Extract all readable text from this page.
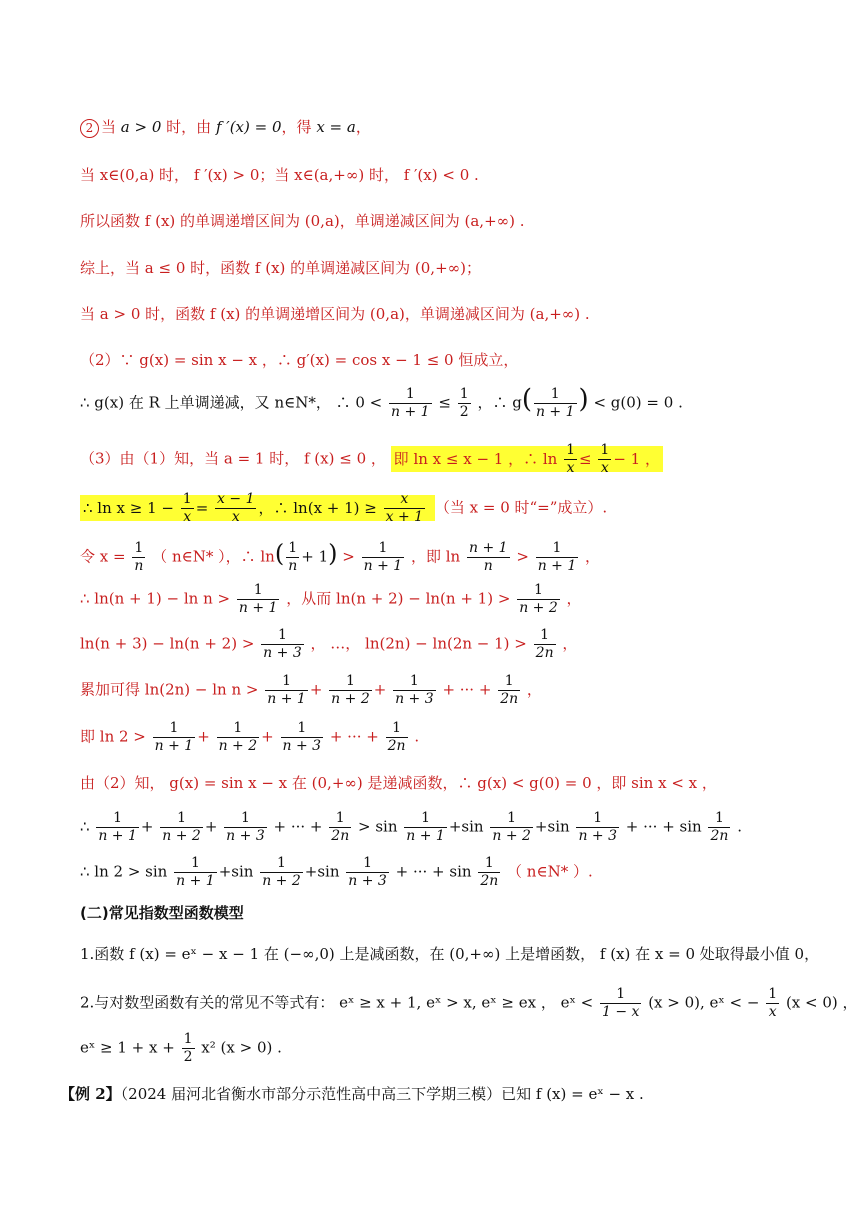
2 当 a > 0 时，由 f ′(x) = 0，得 x = a，
当 x∈(0,a) 时， f ′(x) > 0；当 x∈(a,+∞) 时， f ′(x) < 0 .
所以函数 f (x) 的单调递增区间为 (0,a)，单调递减区间为 (a,+∞) .
综上，当 a ≤ 0 时，函数 f (x) 的单调递减区间为 (0,+∞)；
当 a > 0 时，函数 f (x) 的单调递增区间为 (0,a)，单调递减区间为 (a,+∞) .
（2）∵ g(x) = sin x − x ，∴ g′(x) = cos x − 1 ≤ 0 恒成立，
∴ g(x) 在 R 上单调递减，又 n∈N*， ∴ $0 < \frac{1}{n + 1} \le \frac{1}{2}$ ，∴ $g( \frac{1}{n + 1}$ ) < g(0) = 0 .
（3）由（1）知，当 a = 1 时， f (x) ≤ 0 ， 即 ln x ≤ x − 1 ，∴ $\ln \frac{1}{x} \le \frac{1}{x} - 1$ ，
∴ $\ln x \ge 1 - \frac{1}{x} = \frac{x - 1}{x}$ ，∴ $\ln(x + 1) \ge \frac{x}{x + 1}$ （当 x = 0 时“=”成立）.
令 $x = \frac{1}{n}$ （ n∈N* ），∴ $\ln( \frac{1}{n} + 1) > \frac{1}{n + 1}$ ，即 $\ln \frac{n + 1}{n} > \frac{1}{n + 1}$ ，
∴ $\ln(n + 1) - \ln n > \frac{1}{n + 1}$ ，从而 $\ln(n + 2) - \ln(n + 1) > \frac{1}{n + 2}$ ，
$\ln(n + 3) - \ln(n + 2) > \frac{1}{n + 3}$ ， …， $\ln(2n) - \ln(2n - 1) > \frac{1}{2n}$ ，
累加可得 $\ln(2n) - \ln n > \frac{1}{n + 1} + \frac{1}{n + 2} + \frac{1}{n + 3}$ + ··· + $\frac{1}{2n}$ ，
即 $\ln 2 > \frac{1}{n + 1} + \frac{1}{n + 2} + \frac{1}{n + 3}$ + ··· + $\frac{1}{2n}$ .
由（2）知， g(x) = sin x − x 在 (0,+∞) 是递减函数，∴ g(x) < g(0) = 0 ，即 sin x < x ，
∴ $\frac{1}{n + 1} + \frac{1}{n + 2} + \frac{1}{n + 3}$ + ··· + $\frac{1}{2n} > \sin \frac{1}{n + 1} +\sin \frac{1}{n + 2} +\sin \frac{1}{n + 3}$ + ··· + $\sin \frac{1}{2n}$ .
∴ $\ln 2 > \sin \frac{1}{n + 1} +\sin \frac{1}{n + 2} +\sin \frac{1}{n + 3}$ + ··· + $\sin \frac{1}{2n}$ （ n∈N* ）.
(二)常见指数型函数模型
1.函数 f (x) = eˣ − x − 1 在 (−∞,0) 上是减函数，在 (0,+∞) 上是增函数， f (x) 在 x = 0 处取得最小值 0，
2.与对数型函数有关的常见不等式有： eˣ ≥ x + 1, eˣ > x, eˣ ≥ ex ， eˣ < $\frac{1}{1 - x} (x > 0)$, eˣ < − $\frac{1}{x} (x < 0)$ ，
eˣ ≥ $1 + x + \frac{1}{2} x^2$ (x > 0) .
【例 2】（2024 届河北省衡水市部分示范性高中高三下学期三模）已知 f (x) = eˣ − x .
